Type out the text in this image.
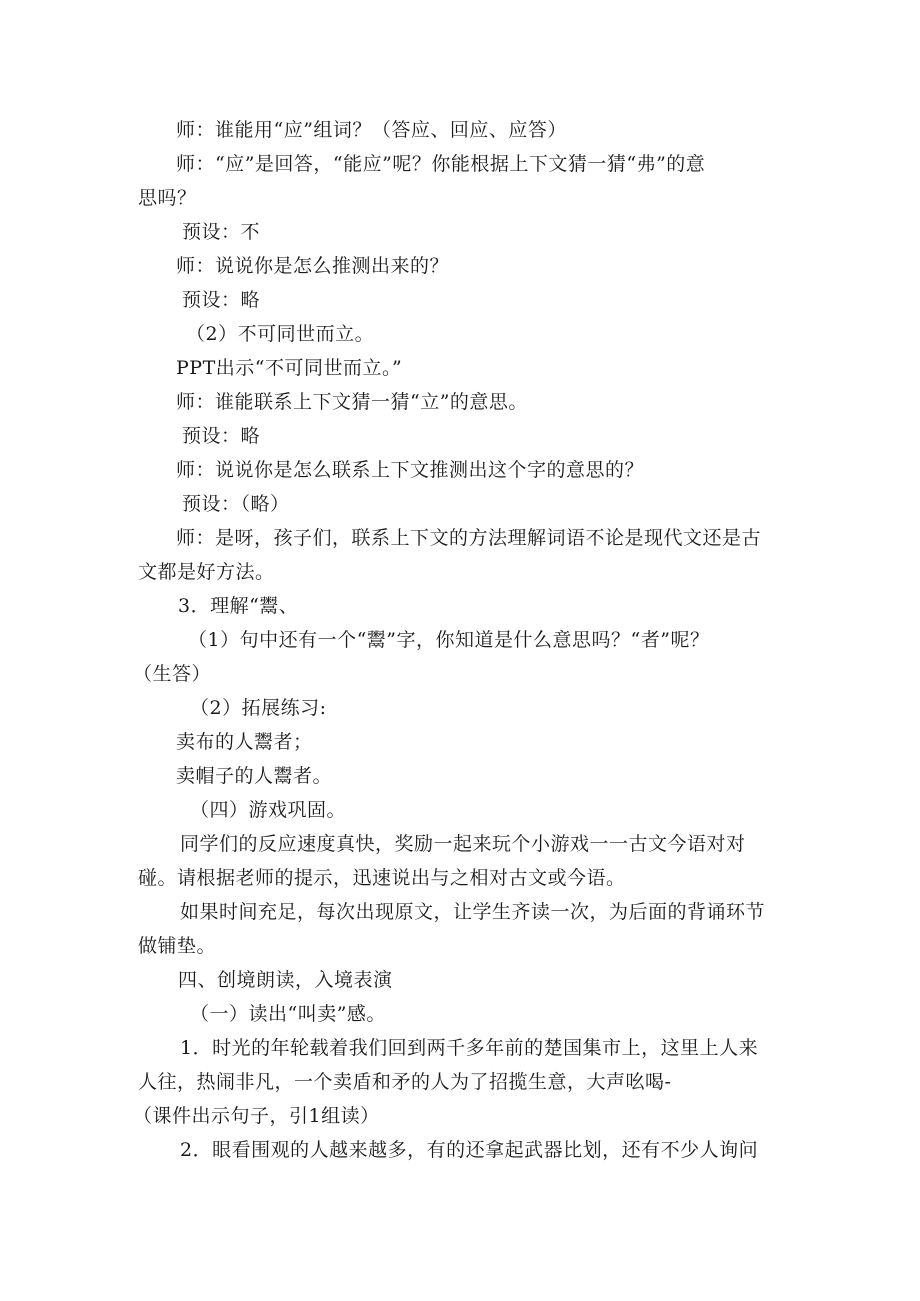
师：谁能用“应”组词？（答应、回应、应答）
师：“应”是回答，“能应”呢？你能根据上下文猜一猜“弗”的意
思吗？
预设：不
师：说说你是怎么推测出来的？
预设：略
（2）不可同世而立。
PPT出示“不可同世而立。”
师：谁能联系上下文猜一猜“立”的意思。
预设：略
师：说说你是怎么联系上下文推测出这个字的意思的？
预设：（略）
师：是呀，孩子们，联系上下文的方法理解词语不论是现代文还是古
文都是好方法。
3．理解“鬻、
（1）句中还有一个“鬻”字，你知道是什么意思吗？“者”呢？
（生答）
（2）拓展练习:
卖布的人鬻者；
卖帽子的人鬻者。
（四）游戏巩固。
同学们的反应速度真快，奖励一起来玩个小游戏一一古文今语对对
碰。请根据老师的提示，迅速说出与之相对古文或今语。
如果时间充足，每次出现原文，让学生齐读一次，为后面的背诵环节
做铺垫。
四、创境朗读，入境表演
（一）读出“叫卖”感。
1．时光的年轮载着我们回到两千多年前的楚国集市上，这里上人来
人往，热闹非凡，一个卖盾和矛的人为了招揽生意，大声吆喝-
（课件出示句子，引1组读）
2．眼看围观的人越来越多，有的还拿起武器比划，还有不少人询问
